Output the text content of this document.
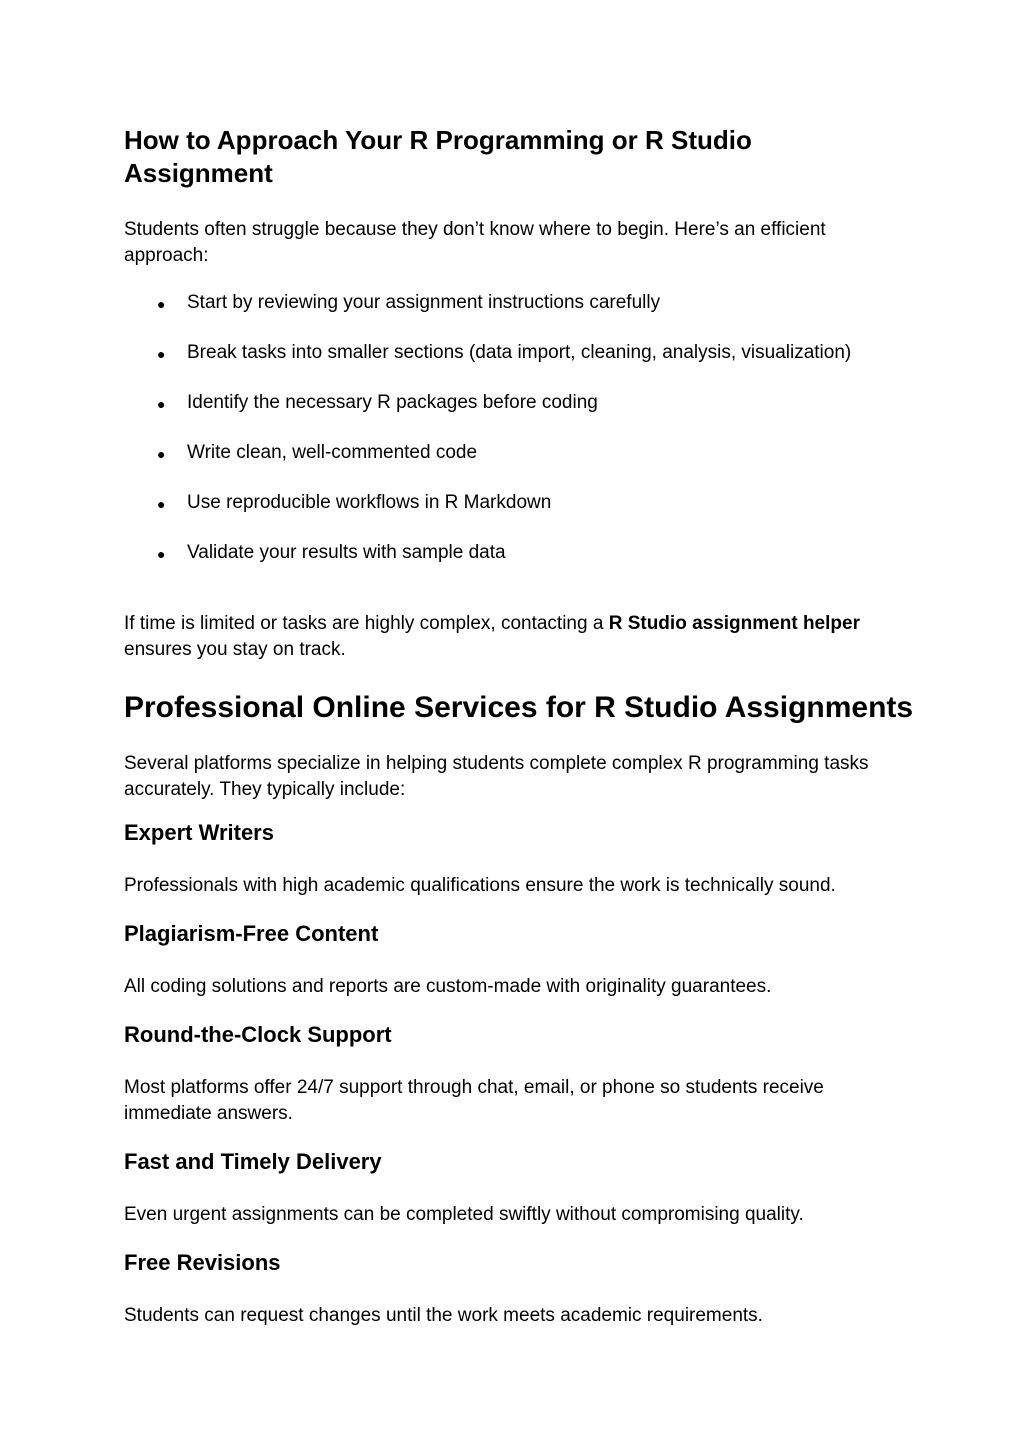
How to Approach Your R Programming or R Studio Assignment

Students often struggle because they don’t know where to begin. Here’s an efficient approach:

● Start by reviewing your assignment instructions carefully
● Break tasks into smaller sections (data import, cleaning, analysis, visualization)
● Identify the necessary R packages before coding
● Write clean, well-commented code
● Use reproducible workflows in R Markdown
● Validate your results with sample data

If time is limited or tasks are highly complex, contacting a R Studio assignment helper ensures you stay on track.

Professional Online Services for R Studio Assignments

Several platforms specialize in helping students complete complex R programming tasks accurately. They typically include:

Expert Writers

Professionals with high academic qualifications ensure the work is technically sound.

Plagiarism-Free Content

All coding solutions and reports are custom-made with originality guarantees.

Round-the-Clock Support

Most platforms offer 24/7 support through chat, email, or phone so students receive immediate answers.

Fast and Timely Delivery

Even urgent assignments can be completed swiftly without compromising quality.

Free Revisions

Students can request changes until the work meets academic requirements.
